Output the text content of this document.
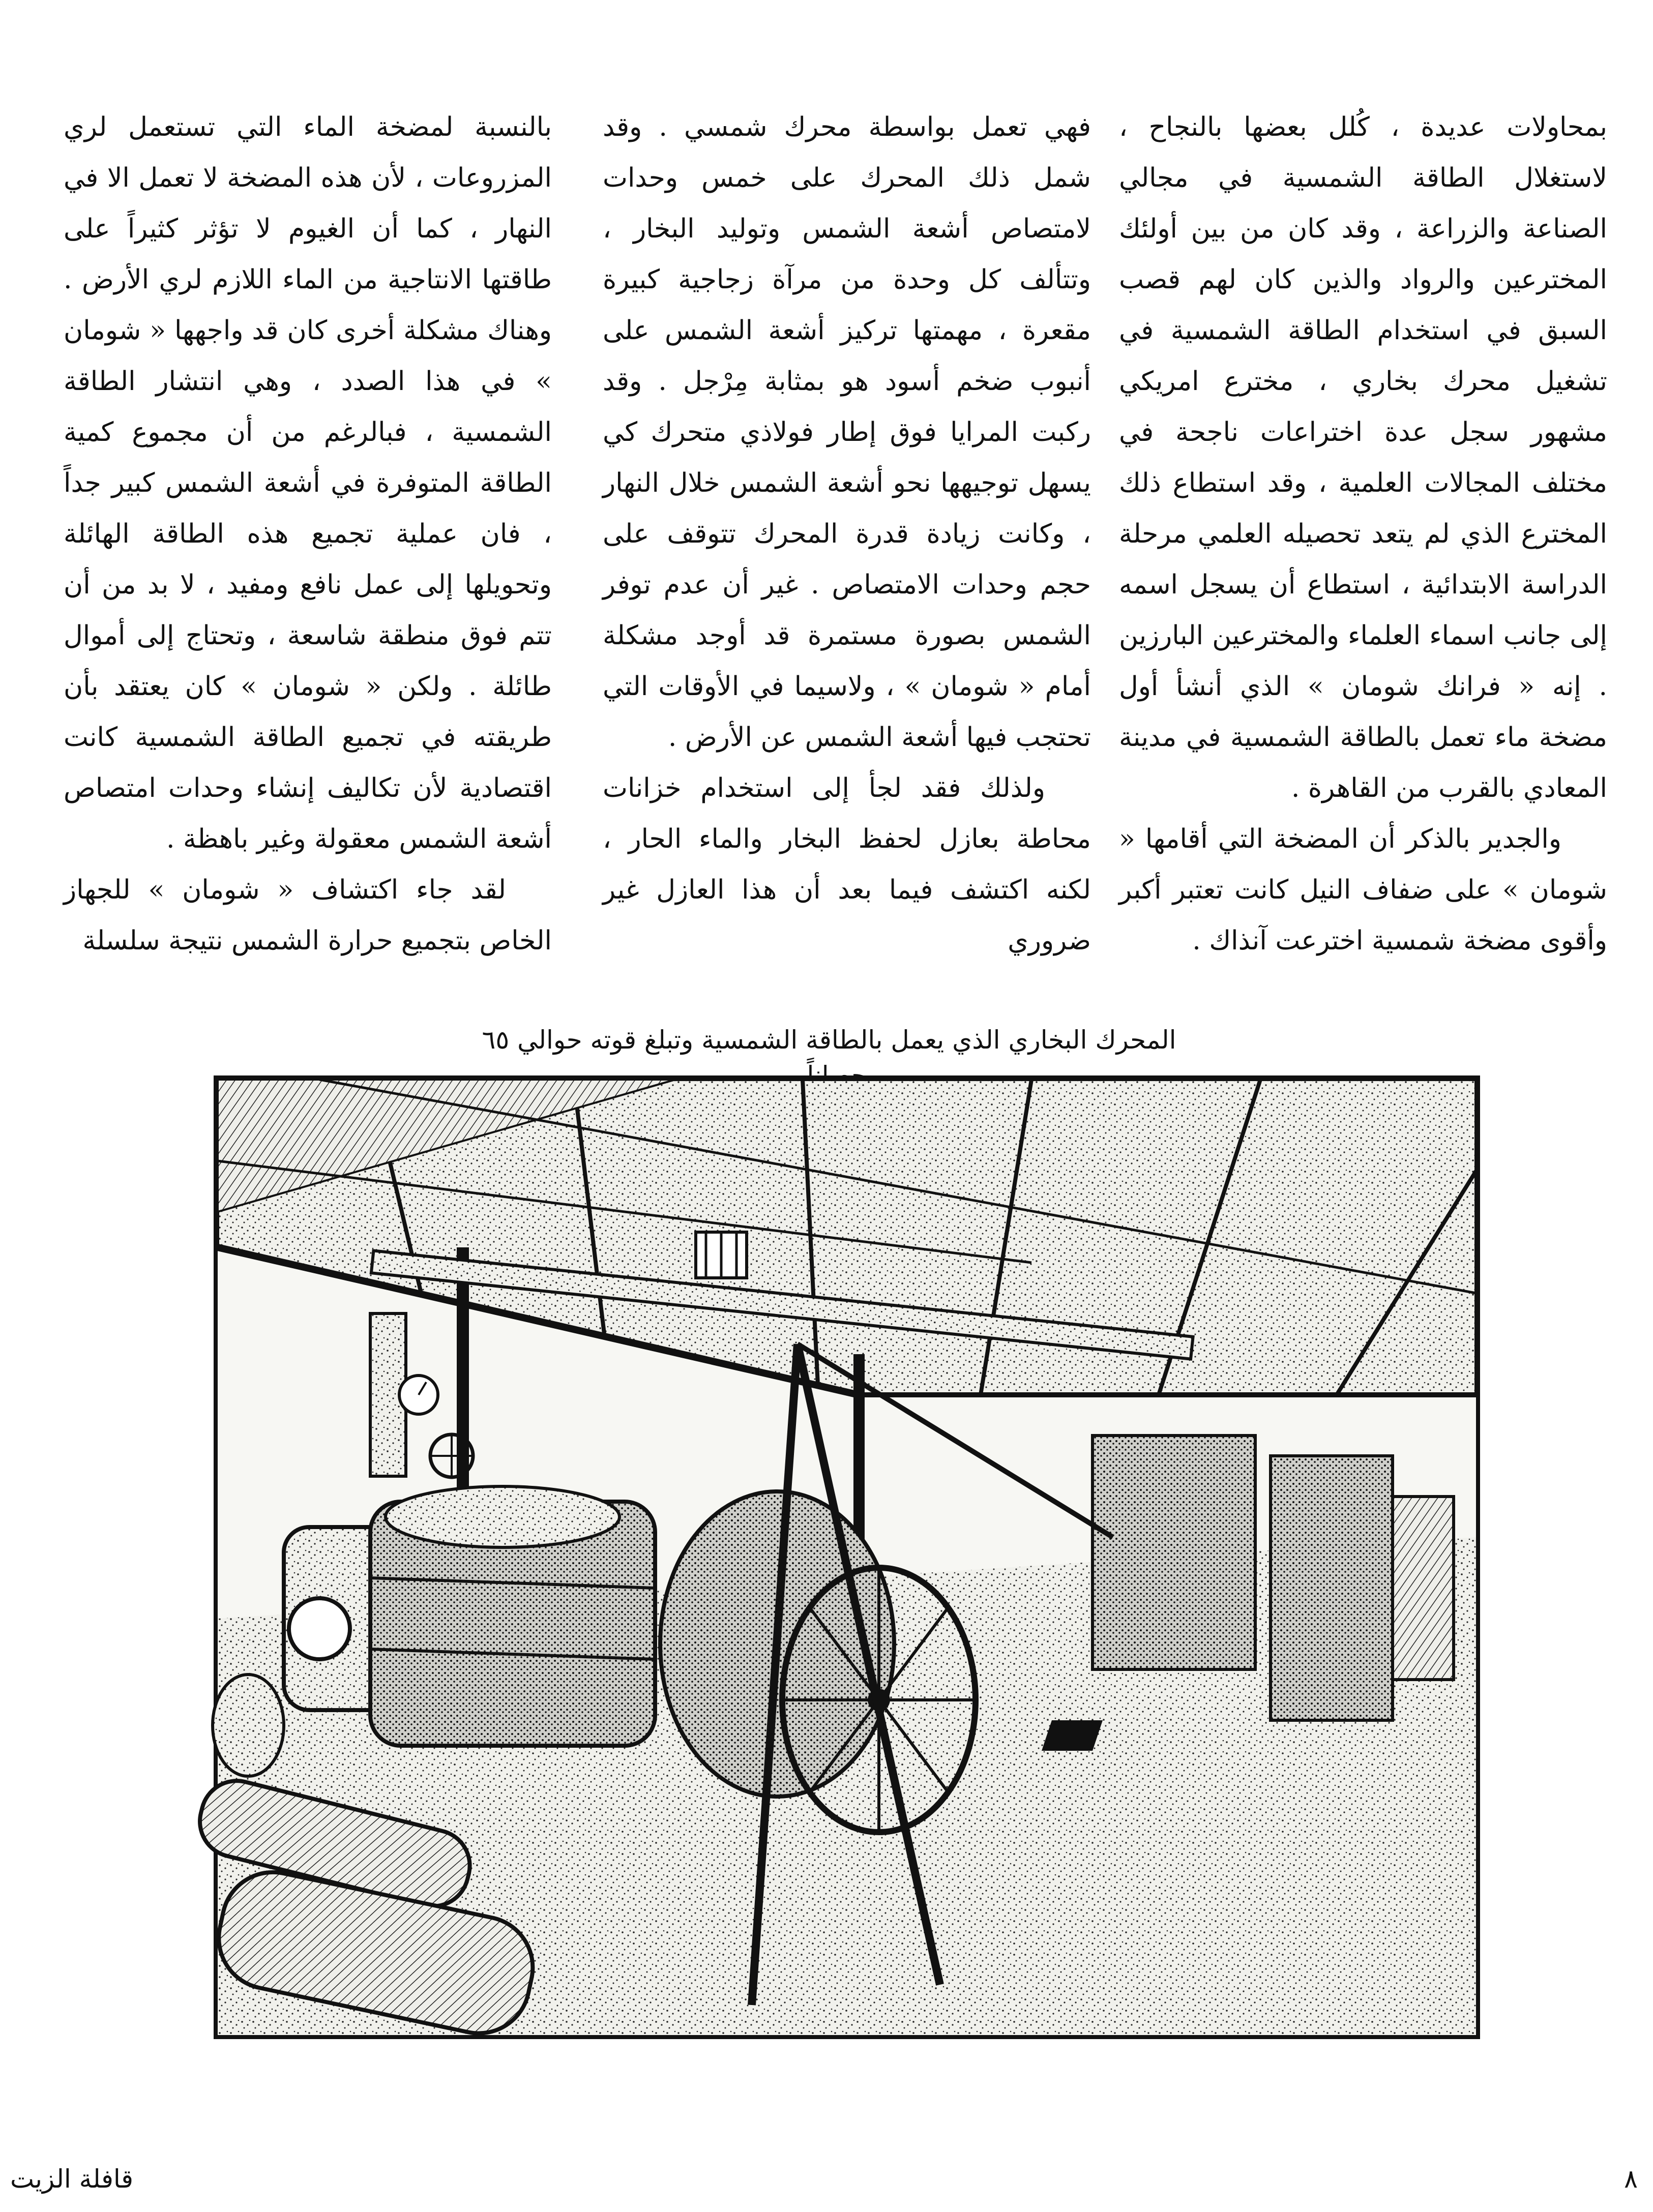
بمحاولات عديدة ، كُلل بعضها بالنجاح ، لاستغلال الطاقة الشمسية في مجالي الصناعة والزراعة ، وقد كان من بين أولئك المخترعين والرواد والذين كان لهم قصب السبق في استخدام الطاقة الشمسية في تشغيل محرك بخاري ، مخترع امريكي مشهور سجل عدة اختراعات ناجحة في مختلف المجالات العلمية ، وقد استطاع ذلك المخترع الذي لم يتعد تحصيله العلمي مرحلة الدراسة الابتدائية ، استطاع أن يسجل اسمه إلى جانب اسماء العلماء والمخترعين البارزين . إنه « فرانك شومان » الذي أنشأ أول مضخة ماء تعمل بالطاقة الشمسية في مدينة المعادي بالقرب من القاهرة .

والجدير بالذكر أن المضخة التي أقامها « شومان » على ضفاف النيل كانت تعتبر أكبر وأقوى مضخة شمسية اخترعت آنذاك .

فهي تعمل بواسطة محرك شمسي . وقد شمل ذلك المحرك على خمس وحدات لامتصاص أشعة الشمس وتوليد البخار ، وتتألف كل وحدة من مرآة زجاجية كبيرة مقعرة ، مهمتها تركيز أشعة الشمس على أنبوب ضخم أسود هو بمثابة مِرْجل . وقد ركبت المرايا فوق إطار فولاذي متحرك كي يسهل توجيهها نحو أشعة الشمس خلال النهار ، وكانت زيادة قدرة المحرك تتوقف على حجم وحدات الامتصاص . غير أن عدم توفر الشمس بصورة مستمرة قد أوجد مشكلة أمام « شومان » ، ولاسيما في الأوقات التي تحتجب فيها أشعة الشمس عن الأرض .

ولذلك فقد لجأ إلى استخدام خزانات محاطة بعازل لحفظ البخار والماء الحار ، لكنه اكتشف فيما بعد أن هذا العازل غير ضروري

بالنسبة لمضخة الماء التي تستعمل لري المزروعات ، لأن هذه المضخة لا تعمل الا في النهار ، كما أن الغيوم لا تؤثر كثيراً على طاقتها الانتاجية من الماء اللازم لري الأرض . وهناك مشكلة أخرى كان قد واجهها « شومان » في هذا الصدد ، وهي انتشار الطاقة الشمسية ، فبالرغم من أن مجموع كمية الطاقة المتوفرة في أشعة الشمس كبير جداً ، فان عملية تجميع هذه الطاقة الهائلة وتحويلها إلى عمل نافع ومفيد ، لا بد من أن تتم فوق منطقة شاسعة ، وتحتاج إلى أموال طائلة . ولكن « شومان » كان يعتقد بأن طريقته في تجميع الطاقة الشمسية كانت اقتصادية لأن تكاليف إنشاء وحدات امتصاص أشعة الشمس معقولة وغير باهظة .

لقد جاء اكتشاف « شومان » للجهاز الخاص بتجميع حرارة الشمس نتيجة سلسلة

المحرك البخاري الذي يعمل بالطاقة الشمسية وتبلغ قوته حوالي ٦٥
٨
قافلة الزيت
